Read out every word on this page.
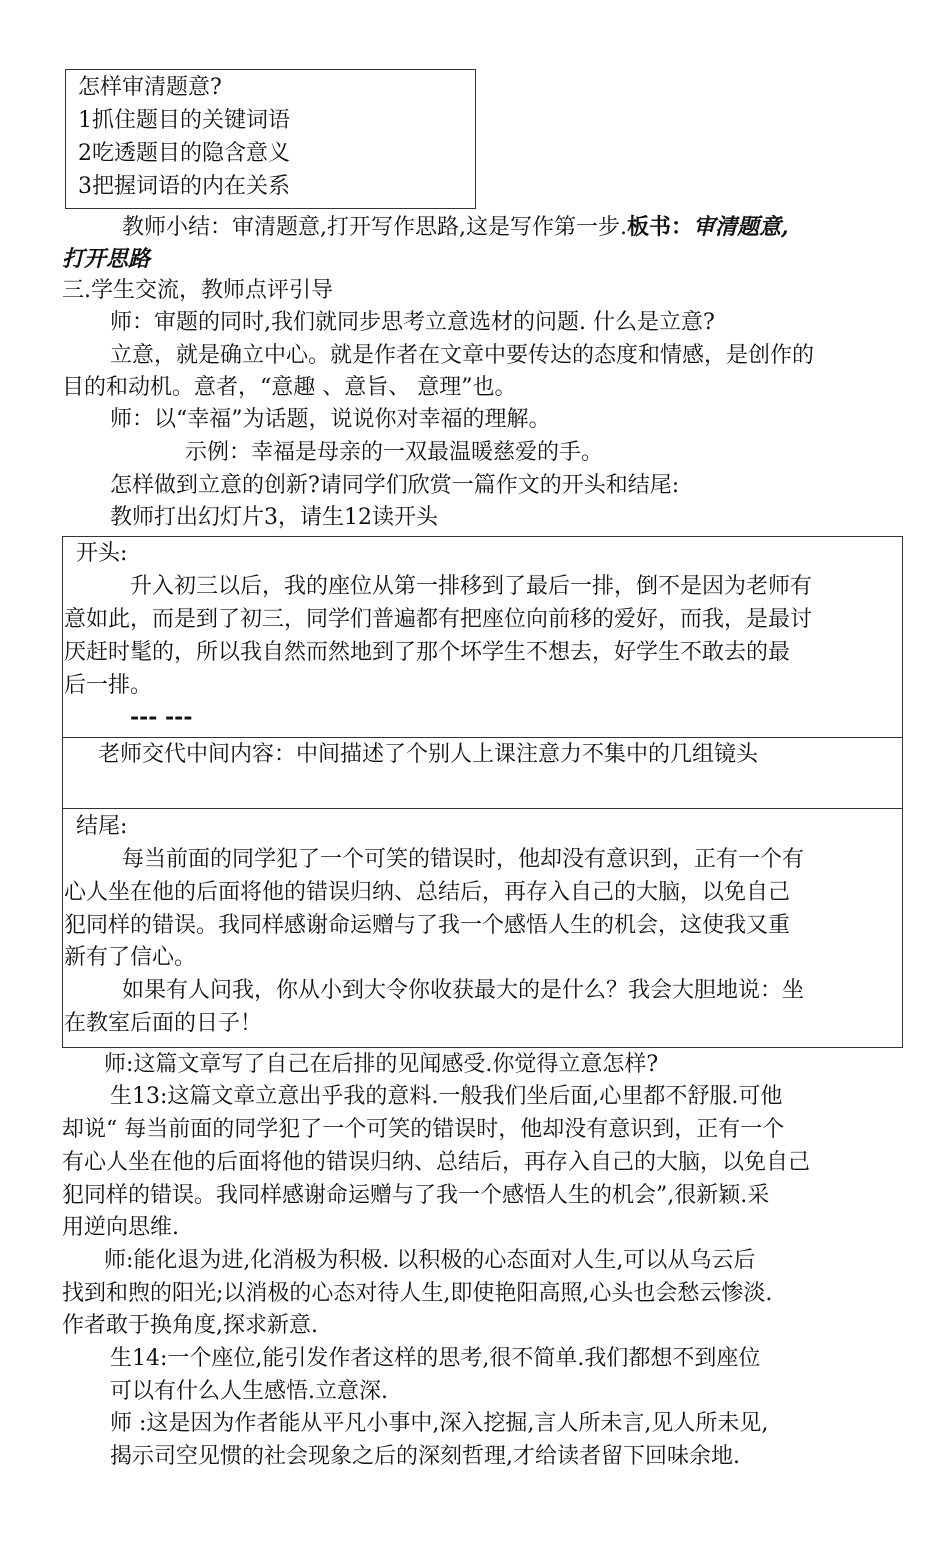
怎样审清题意?
1抓住题目的关键词语
2吃透题目的隐含意义
3把握词语的内在关系
教师小结：审清题意,打开写作思路,这是写作第一步.板书：审清题意,
打开思路
三.学生交流，教师点评引导
师：审题的同时,我们就同步思考立意选材的问题. 什么是立意?
立意，就是确立中心。就是作者在文章中要传达的态度和情感，是创作的
目的和动机。意者，“意趣 、意旨、 意理”也。
师：以“幸福”为话题，说说你对幸福的理解。
示例：幸福是母亲的一双最温暖慈爱的手。
怎样做到立意的创新?请同学们欣赏一篇作文的开头和结尾:
教师打出幻灯片3，请生12读开头
开头:
升入初三以后，我的座位从第一排移到了最后一排，倒不是因为老师有
意如此，而是到了初三，同学们普遍都有把座位向前移的爱好，而我，是最讨
厌赶时髦的，所以我自然而然地到了那个坏学生不想去，好学生不敢去的最
后一排。
--- ---
老师交代中间内容：中间描述了个别人上课注意力不集中的几组镜头
结尾:
每当前面的同学犯了一个可笑的错误时，他却没有意识到，正有一个有
心人坐在他的后面将他的错误归纳、总结后，再存入自己的大脑，以免自己
犯同样的错误。我同样感谢命运赠与了我一个感悟人生的机会，这使我又重
新有了信心。
如果有人问我，你从小到大令你收获最大的是什么？我会大胆地说：坐
在教室后面的日子！
师:这篇文章写了自己在后排的见闻感受.你觉得立意怎样?
生13:这篇文章立意出乎我的意料.一般我们坐后面,心里都不舒服.可他
却说“ 每当前面的同学犯了一个可笑的错误时，他却没有意识到，正有一个
有心人坐在他的后面将他的错误归纳、总结后，再存入自己的大脑，以免自己
犯同样的错误。我同样感谢命运赠与了我一个感悟人生的机会”,很新颖.采
用逆向思维.
师:能化退为进,化消极为积极. 以积极的心态面对人生,可以从乌云后
找到和煦的阳光;以消极的心态对待人生,即使艳阳高照,心头也会愁云惨淡.
作者敢于换角度,探求新意.
生14:一个座位,能引发作者这样的思考,很不简单.我们都想不到座位
可以有什么人生感悟.立意深.
师 :这是因为作者能从平凡小事中,深入挖掘,言人所未言,见人所未见,
揭示司空见惯的社会现象之后的深刻哲理,才给读者留下回味余地.
